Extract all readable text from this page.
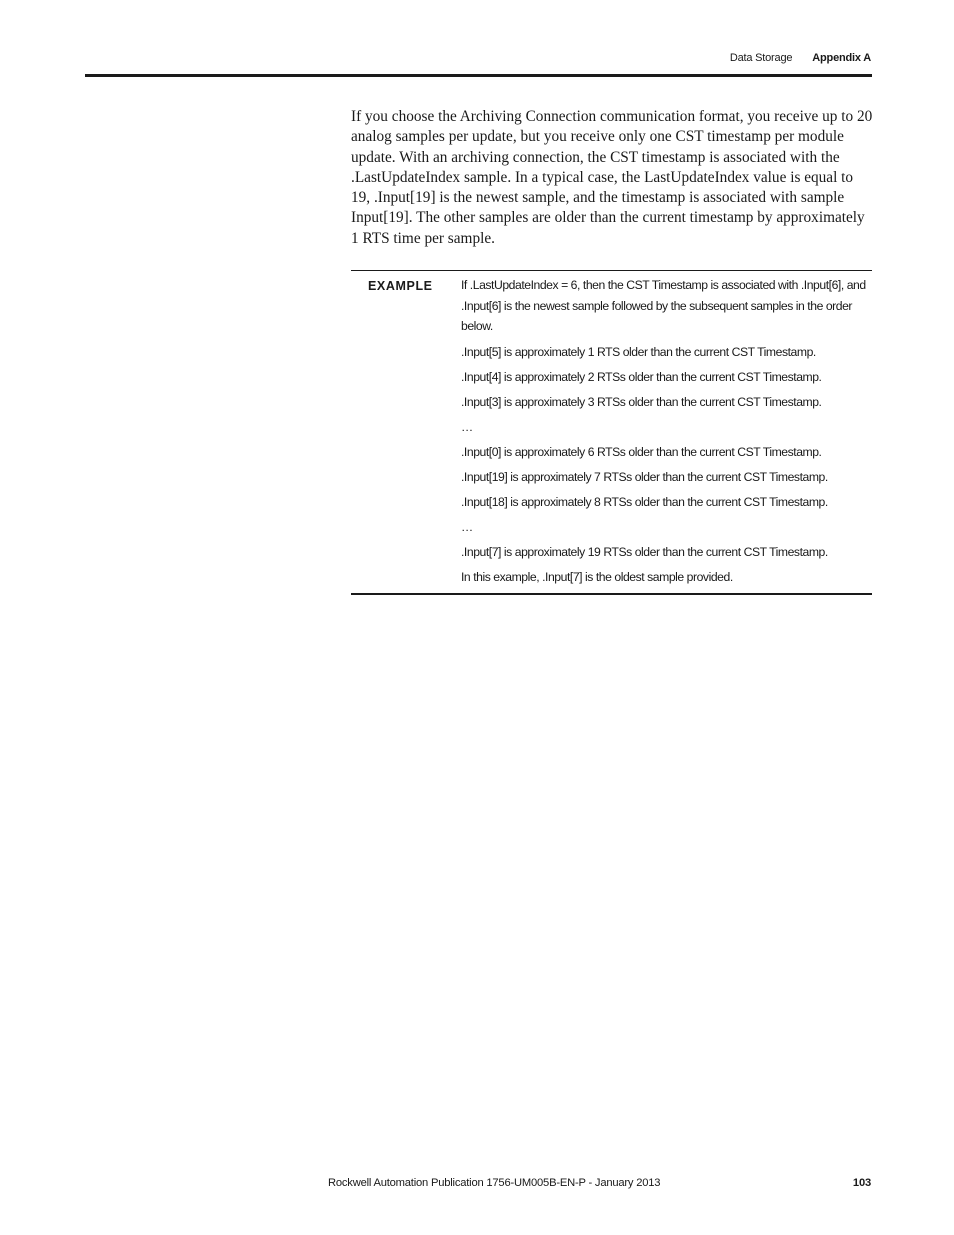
Data Storage Appendix A

If you choose the Archiving Connection communication format, you receive up to 20 analog samples per update, but you receive only one CST timestamp per module update. With an archiving connection, the CST timestamp is associated with the .LastUpdateIndex sample. In a typical case, the LastUpdateIndex value is equal to 19, .Input[19] is the newest sample, and the timestamp is associated with sample Input[19]. The other samples are older than the current timestamp by approximately 1 RTS time per sample.

EXAMPLE If .LastUpdateIndex = 6, then the CST Timestamp is associated with .Input[6], and .Input[6] is the newest sample followed by the subsequent samples in the order below.

.Input[5] is approximately 1 RTS older than the current CST Timestamp.

.Input[4] is approximately 2 RTSs older than the current CST Timestamp.

.Input[3] is approximately 3 RTSs older than the current CST Timestamp.

…

.Input[0] is approximately 6 RTSs older than the current CST Timestamp.

.Input[19] is approximately 7 RTSs older than the current CST Timestamp.

.Input[18] is approximately 8 RTSs older than the current CST Timestamp.

…

.Input[7] is approximately 19 RTSs older than the current CST Timestamp.

In this example, .Input[7] is the oldest sample provided.

Rockwell Automation Publication 1756-UM005B-EN-P - January 2013	103
